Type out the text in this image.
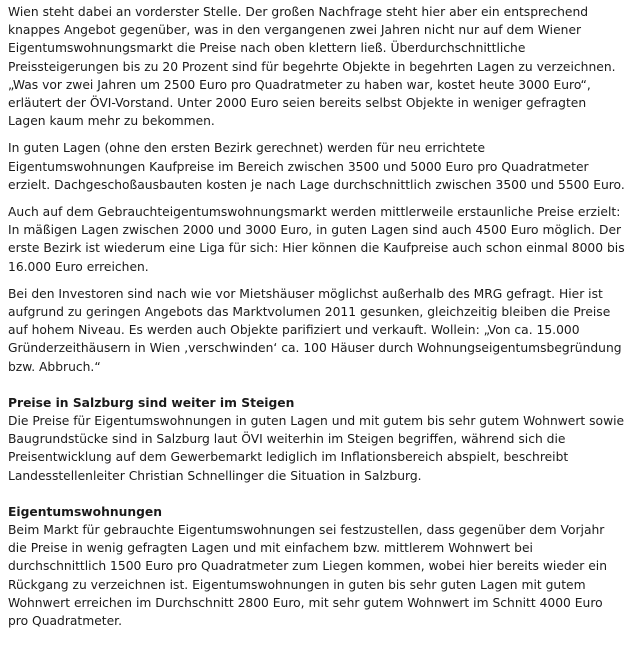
Wien steht dabei an vorderster Stelle. Der großen Nachfrage steht hier aber ein entsprechend knappes Angebot gegenüber, was in den vergangenen zwei Jahren nicht nur auf dem Wiener Eigentumswohnungsmarkt die Preise nach oben klettern ließ. Überdurchschnittliche Preissteigerungen bis zu 20 Prozent sind für begehrte Objekte in begehrten Lagen zu verzeichnen. „Was vor zwei Jahren um 2500 Euro pro Quadratmeter zu haben war, kostet heute 3000 Euro“, erläutert der ÖVI-Vorstand. Unter 2000 Euro seien bereits selbst Objekte in weniger gefragten Lagen kaum mehr zu bekommen.

In guten Lagen (ohne den ersten Bezirk gerechnet) werden für neu errichtete Eigentumswohnungen Kaufpreise im Bereich zwischen 3500 und 5000 Euro pro Quadratmeter erzielt. Dachgeschoßausbauten kosten je nach Lage durchschnittlich zwischen 3500 und 5500 Euro.

Auch auf dem Gebrauchteigentumswohnungsmarkt werden mittlerweile erstaunliche Preise erzielt: In mäßigen Lagen zwischen 2000 und 3000 Euro, in guten Lagen sind auch 4500 Euro möglich. Der erste Bezirk ist wiederum eine Liga für sich: Hier können die Kaufpreise auch schon einmal 8000 bis 16.000 Euro erreichen.

Bei den Investoren sind nach wie vor Mietshäuser möglichst außerhalb des MRG gefragt. Hier ist aufgrund zu geringen Angebots das Marktvolumen 2011 gesunken, gleichzeitig bleiben die Preise auf hohem Niveau. Es werden auch Objekte parifiziert und verkauft. Wollein: „Von ca. 15.000 Gründerzeithäusern in Wien ‚verschwinden‘ ca. 100 Häuser durch Wohnungseigentumsbegründung bzw. Abbruch.“

Preise in Salzburg sind weiter im Steigen
Die Preise für Eigentumswohnungen in guten Lagen und mit gutem bis sehr gutem Wohnwert sowie Baugrundstücke sind in Salzburg laut ÖVI weiterhin im Steigen begriffen, während sich die Preisentwicklung auf dem Gewerbemarkt lediglich im Inflationsbereich abspielt, beschreibt Landesstellenleiter Christian Schnellinger die Situation in Salzburg.
Eigentumswohnungen
Beim Markt für gebrauchte Eigentumswohnungen sei festzustellen, dass gegenüber dem Vorjahr die Preise in wenig gefragten Lagen und mit einfachem bzw. mittlerem Wohnwert bei durchschnittlich 1500 Euro pro Quadratmeter zum Liegen kommen, wobei hier bereits wieder ein Rückgang zu verzeichnen ist. Eigentumswohnungen in guten bis sehr guten Lagen mit gutem Wohnwert erreichen im Durchschnitt 2800 Euro, mit sehr gutem Wohnwert im Schnitt 4000 Euro pro Quadratmeter.
